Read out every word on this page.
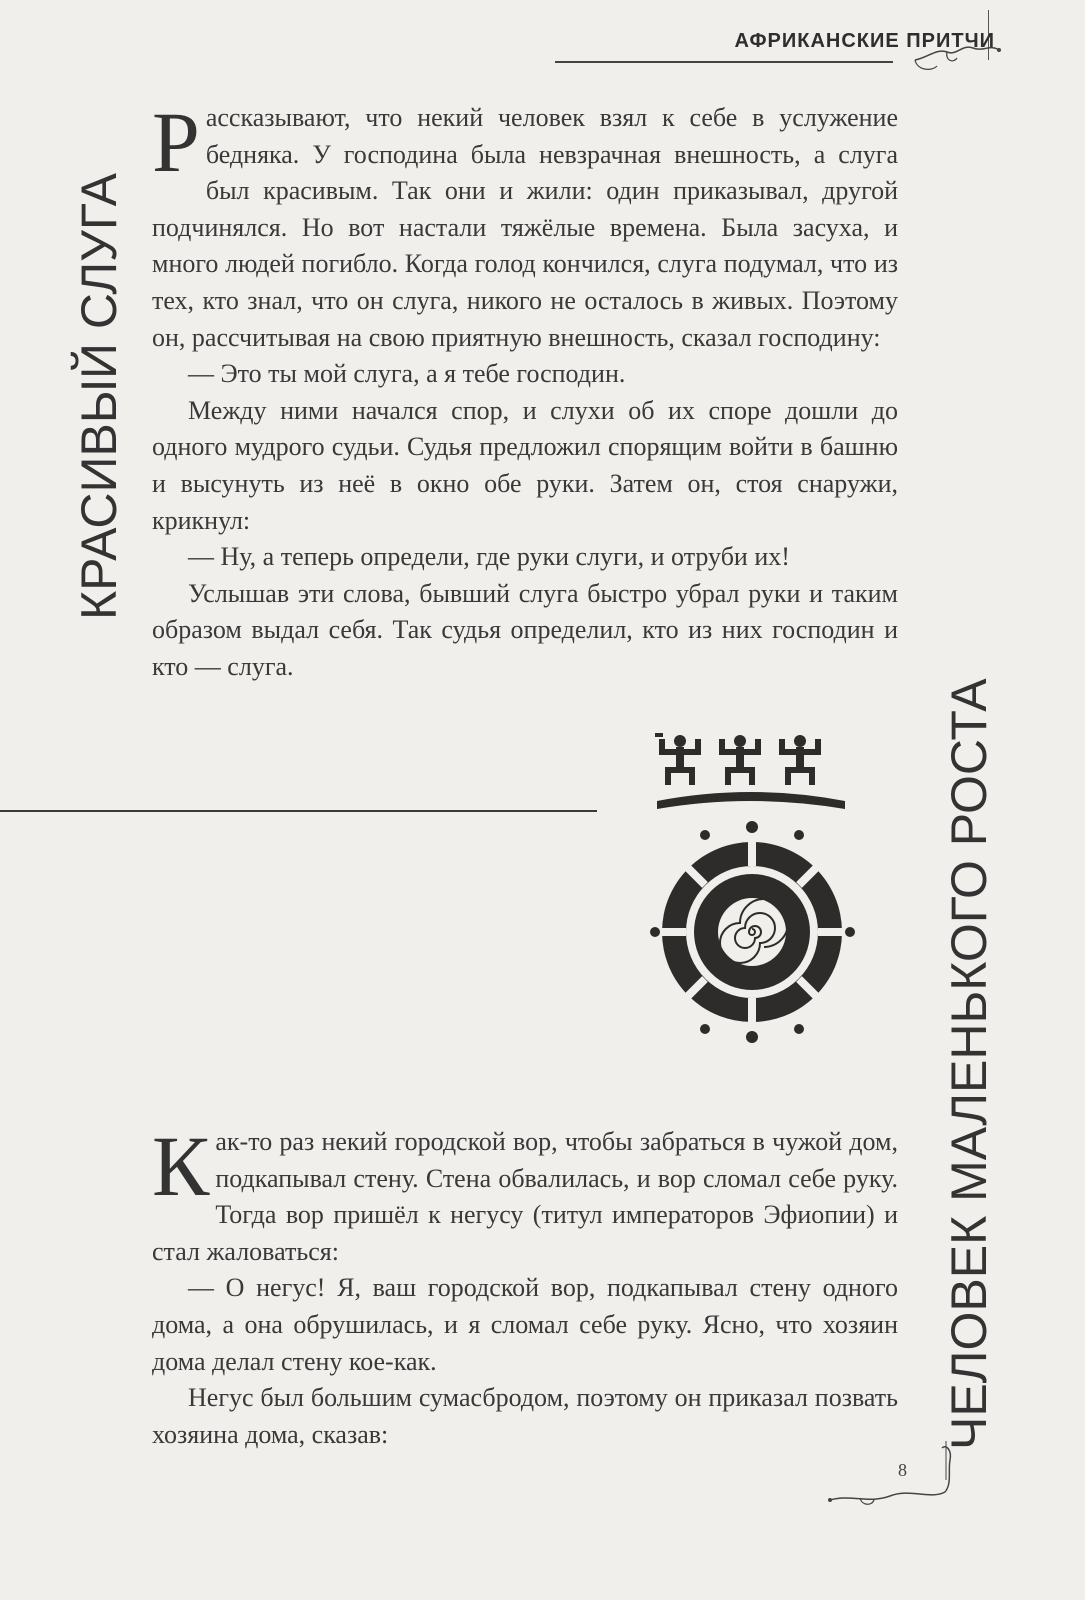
АФРИКАНСКИЕ ПРИТЧИ
КРАСИВЫЙ СЛУГА
ЧЕЛОВЕК МАЛЕНЬКОГО РОСТА

Рассказывают, что некий человек взял к себе в услужение бедняка. У господина была невзрачная внешность, а слуга был красивым. Так они и жили: один приказывал, другой подчинялся. Но вот настали тяжёлые времена. Была засуха, и много людей погибло. Когда голод кончился, слуга подумал, что из тех, кто знал, что он слуга, никого не осталось в живых. Поэтому он, рассчитывая на свою приятную внешность, сказал господину:

— Это ты мой слуга, а я тебе господин.

Между ними начался спор, и слухи об их споре дошли до одного мудрого судьи. Судья предложил спорящим войти в башню и высунуть из неё в окно обе руки. Затем он, стоя снаружи, крикнул:

— Ну, а теперь определи, где руки слуги, и отруби их!

Услышав эти слова, бывший слуга быстро убрал руки и таким образом выдал себя. Так судья определил, кто из них господин и кто — слуга.

Как-то раз некий городской вор, чтобы забраться в чужой дом, подкапывал стену. Стена обвалилась, и вор сломал себе руку. Тогда вор пришёл к негусу (титул императоров Эфиопии) и стал жаловаться:

— О негус! Я, ваш городской вор, подкапывал стену одного дома, а она обрушилась, и я сломал себе руку. Ясно, что хозяин дома делал стену кое-как.

Негус был большим сумасбродом, поэтому он приказал позвать хозяина дома, сказав:

8
